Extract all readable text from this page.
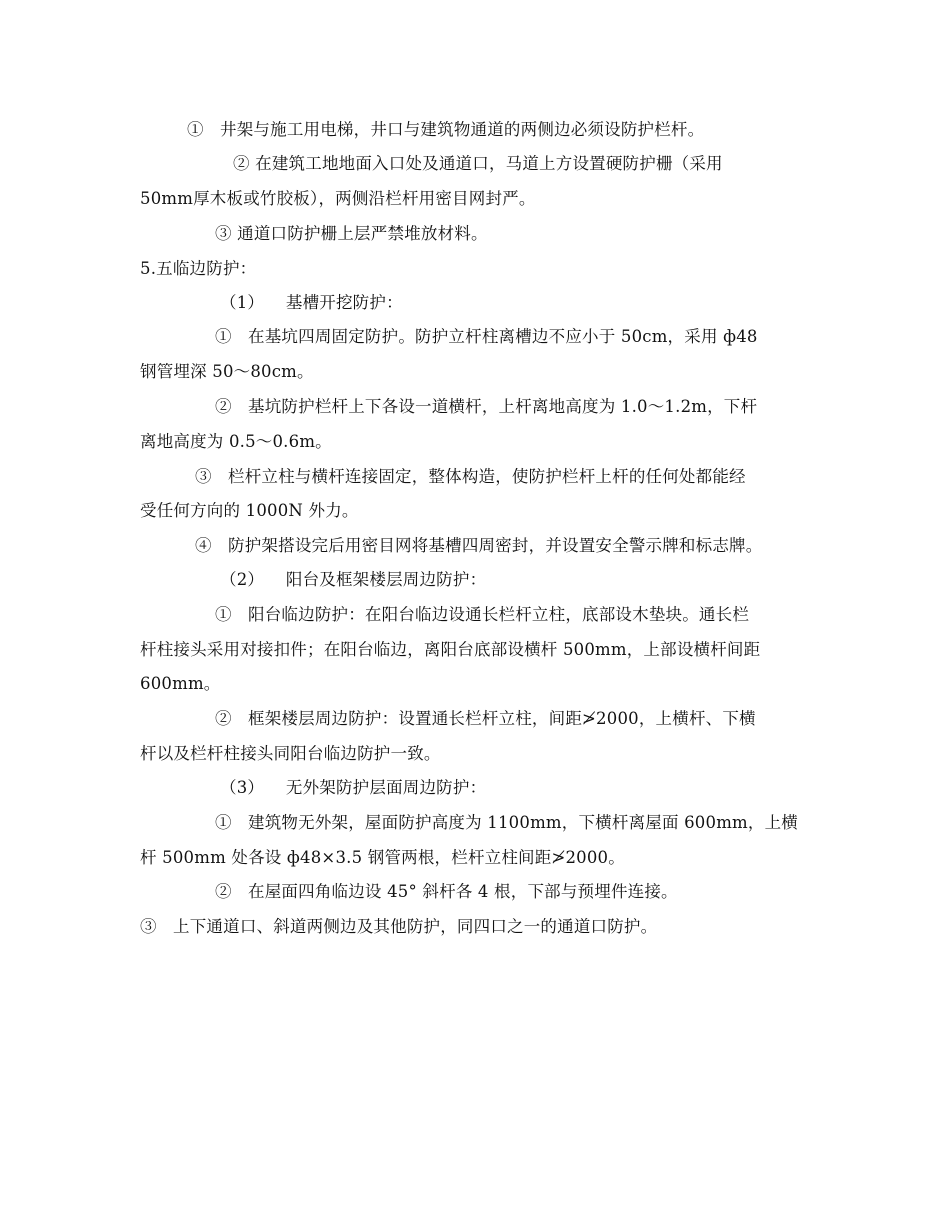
①   井架与施工用电梯，井口与建筑物通道的两侧边必须设防护栏杆。
② 在建筑工地地面入口处及通道口，马道上方设置硬防护栅（采用
50mm厚木板或竹胶板），两侧沿栏杆用密目网封严。
③ 通道口防护栅上层严禁堆放材料。
5.五临边防护：
（1）    基槽开挖防护：
①   在基坑四周固定防护。防护立杆柱离槽边不应小于 50cm，采用 ф48
钢管埋深 50～80cm。
②   基坑防护栏杆上下各设一道横杆，上杆离地高度为 1.0～1.2m，下杆
离地高度为 0.5～0.6m。
③   栏杆立柱与横杆连接固定，整体构造，使防护栏杆上杆的任何处都能经
受任何方向的 1000N 外力。
④   防护架搭设完后用密目网将基槽四周密封，并设置安全警示牌和标志牌。
（2）    阳台及框架楼层周边防护：
①   阳台临边防护：在阳台临边设通长栏杆立柱，底部设木垫块。通长栏
杆柱接头采用对接扣件；在阳台临边，离阳台底部设横杆 500mm，上部设横杆间距
600mm。
②   框架楼层周边防护：设置通长栏杆立柱，间距≯2000，上横杆、下横
杆以及栏杆柱接头同阳台临边防护一致。
（3）    无外架防护层面周边防护：
①   建筑物无外架，屋面防护高度为 1100mm，下横杆离屋面 600mm，上横
杆 500mm 处各设 ф48×3.5 钢管两根，栏杆立柱间距≯2000。
②   在屋面四角临边设 45° 斜杆各 4 根，下部与预埋件连接。
③   上下通道口、斜道两侧边及其他防护，同四口之一的通道口防护。
